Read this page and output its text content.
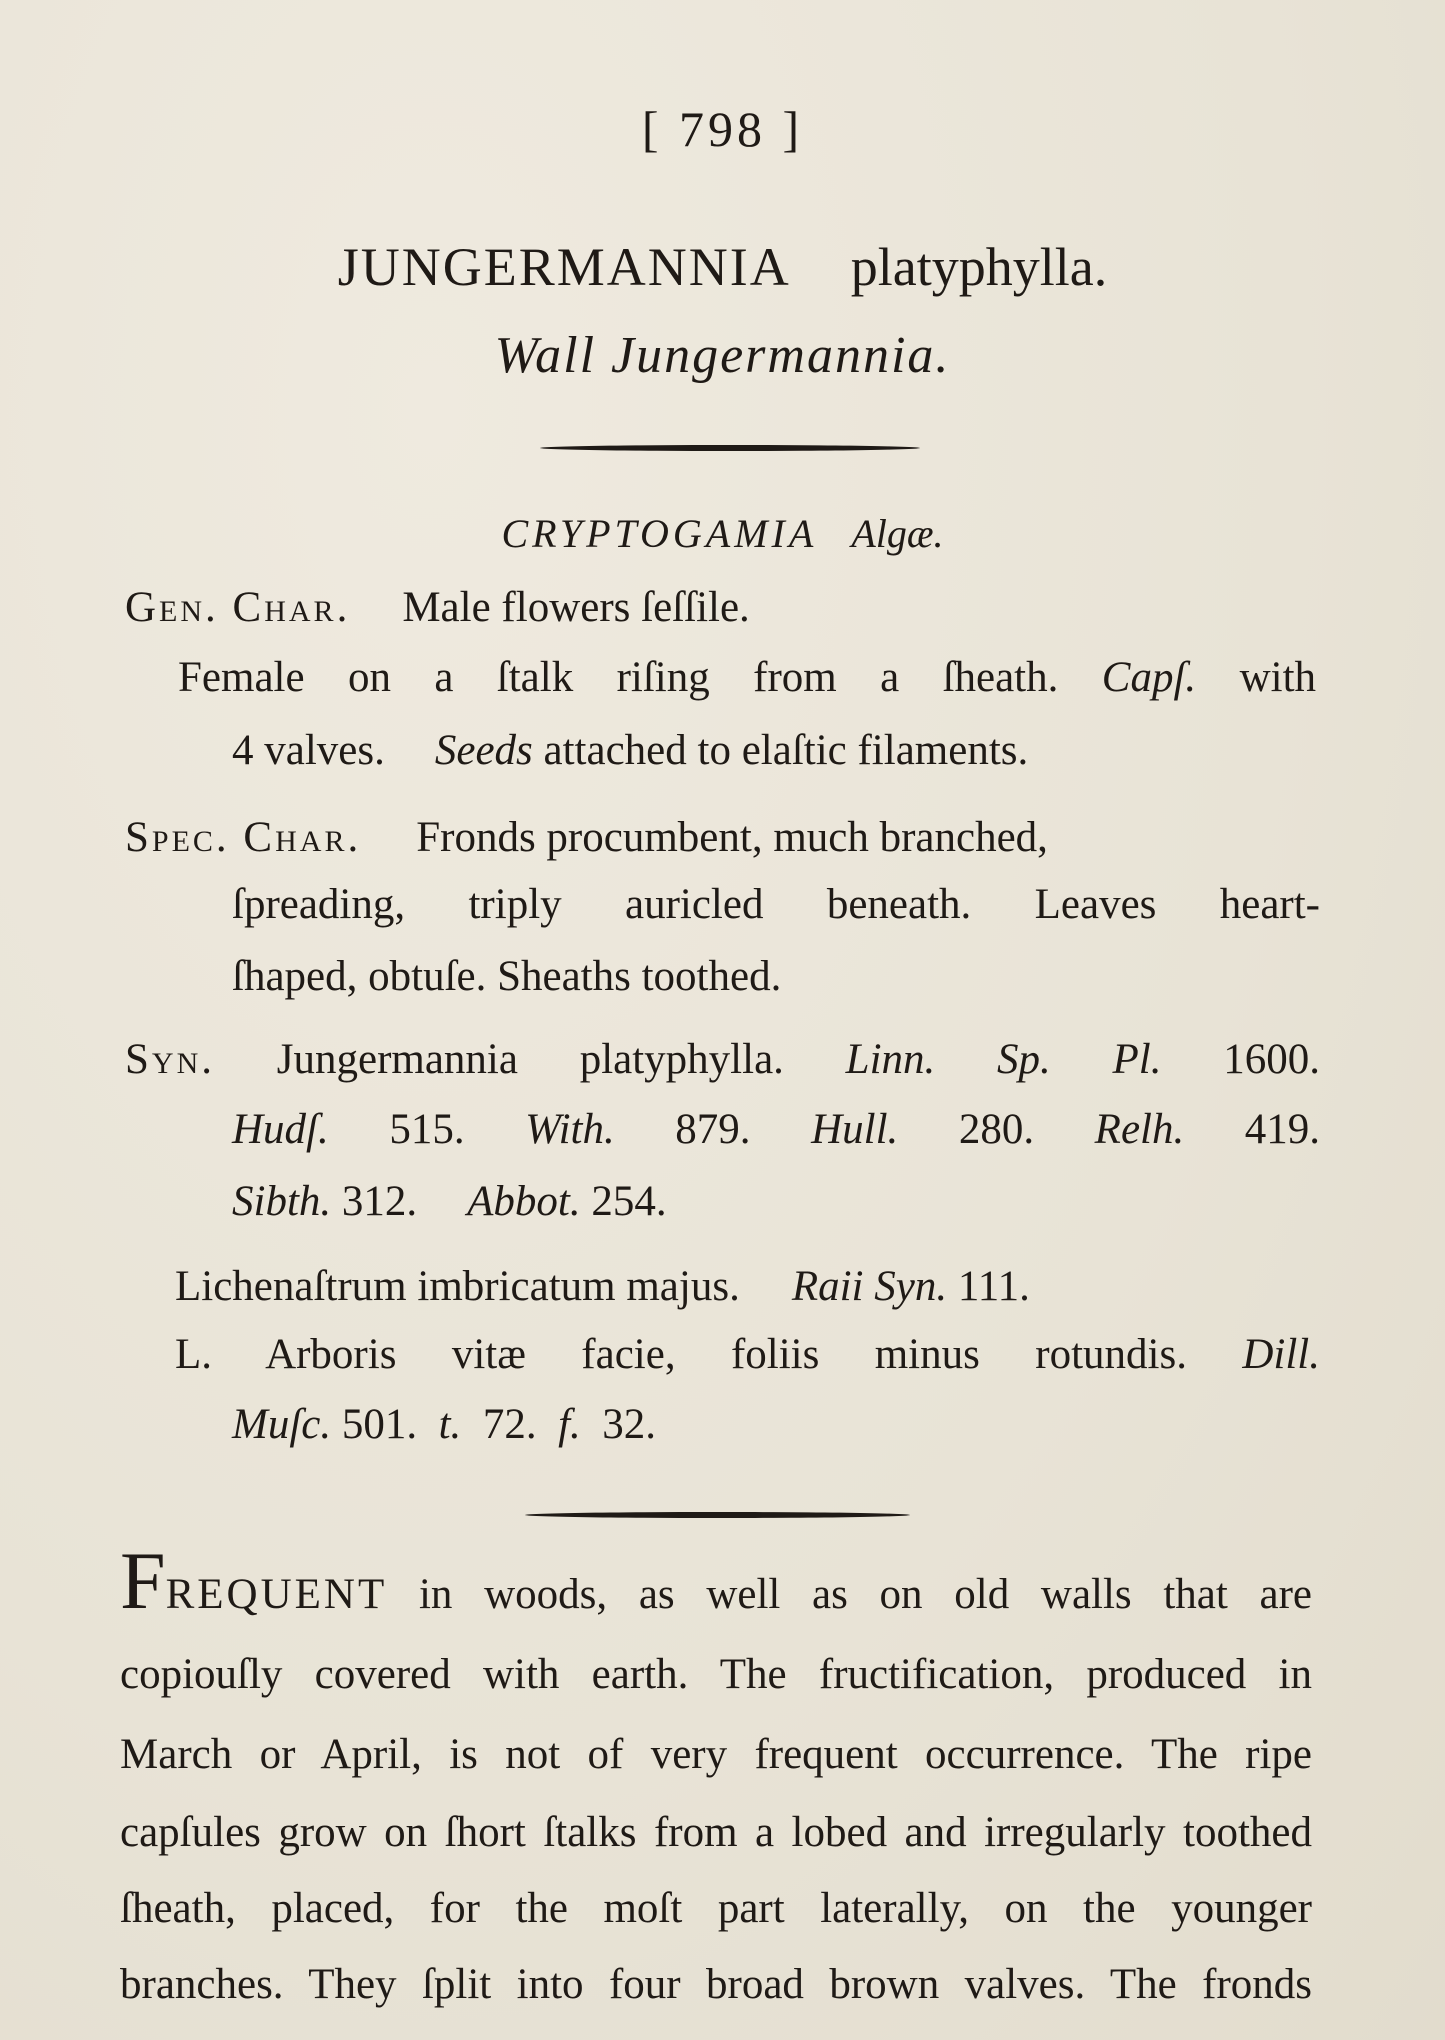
[ 798 ]
JUNGERMANNIA platyphylla.
Wall Jungermannia.
CRYPTOGAMIA Algæ.
Gen. Char. Male flowers ſeſſile.
Female on a ſtalk riſing from a ſheath. Capſ. with
4 valves. Seeds attached to elaſtic filaments.
Spec. Char. Fronds procumbent, much branched,
ſpreading, triply auricled beneath. Leaves heart-
ſhaped, obtuſe. Sheaths toothed.
Syn. Jungermannia platyphylla. Linn. Sp. Pl. 1600.
Hudſ. 515. With. 879. Hull. 280. Relh. 419.
Sibth. 312. Abbot. 254.
Lichenaſtrum imbricatum majus. Raii Syn. 111.
L. Arboris vitæ facie, foliis minus rotundis. Dill.
Muſc. 501. t. 72. f. 32.
FREQUENT in woods, as well as on old walls that are
copiouſly covered with earth. The fructification, produced in
March or April, is not of very frequent occurrence. The ripe
capſules grow on ſhort ſtalks from a lobed and irregularly toothed
ſheath, placed, for the moſt part laterally, on the younger
branches. They ſplit into four broad brown valves. The fronds
